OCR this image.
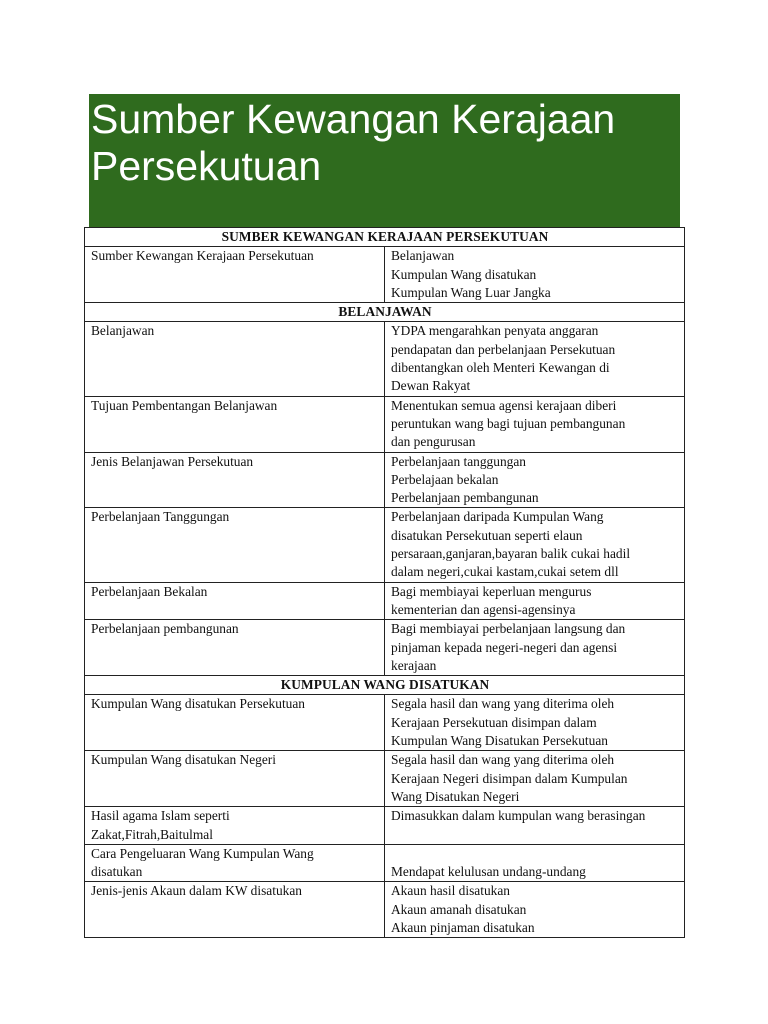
Sumber Kewangan Kerajaan
Persekutuan
SUMBER KEWANGAN KERAJAAN PERSEKUTUAN	

Sumber Kewangan Kerajaan Persekutuan	Belanjawan
Kumpulan Wang disatukan
Kumpulan Wang Luar Jangka

BELANJAWAN	

Belanjawan	YDPA mengarahkan penyata anggaran
pendapatan dan perbelanjaan Persekutuan
dibentangkan oleh Menteri Kewangan di
Dewan Rakyat

Tujuan Pembentangan Belanjawan	Menentukan semua agensi kerajaan diberi
peruntukan wang bagi tujuan pembangunan
dan pengurusan

Jenis Belanjawan Persekutuan	Perbelanjaan tanggungan
Perbelajaan bekalan
Perbelanjaan pembangunan

Perbelanjaan Tanggungan	Perbelanjaan daripada Kumpulan Wang
disatukan Persekutuan seperti elaun
persaraan,ganjaran,bayaran balik cukai hadil
dalam negeri,cukai kastam,cukai setem dll

Perbelanjaan Bekalan	Bagi membiayai keperluan mengurus
kementerian dan agensi-agensinya

Perbelanjaan pembangunan	Bagi membiayai perbelanjaan langsung dan
pinjaman kepada negeri-negeri dan agensi
kerajaan

KUMPULAN WANG DISATUKAN	

Kumpulan Wang disatukan Persekutuan	Segala hasil dan wang yang diterima oleh
Kerajaan Persekutuan disimpan dalam
Kumpulan Wang Disatukan Persekutuan

Kumpulan Wang disatukan Negeri	Segala hasil dan wang yang diterima oleh
Kerajaan Negeri disimpan dalam Kumpulan
Wang Disatukan Negeri

Hasil agama Islam seperti
Zakat,Fitrah,Baitulmal	Dimasukkan dalam kumpulan wang berasingan

Cara Pengeluaran Wang Kumpulan Wang
disatukan	Mendapat kelulusan undang-undang

Jenis-jenis Akaun dalam KW disatukan	Akaun hasil disatukan
Akaun amanah disatukan
Akaun pinjaman disatukan
